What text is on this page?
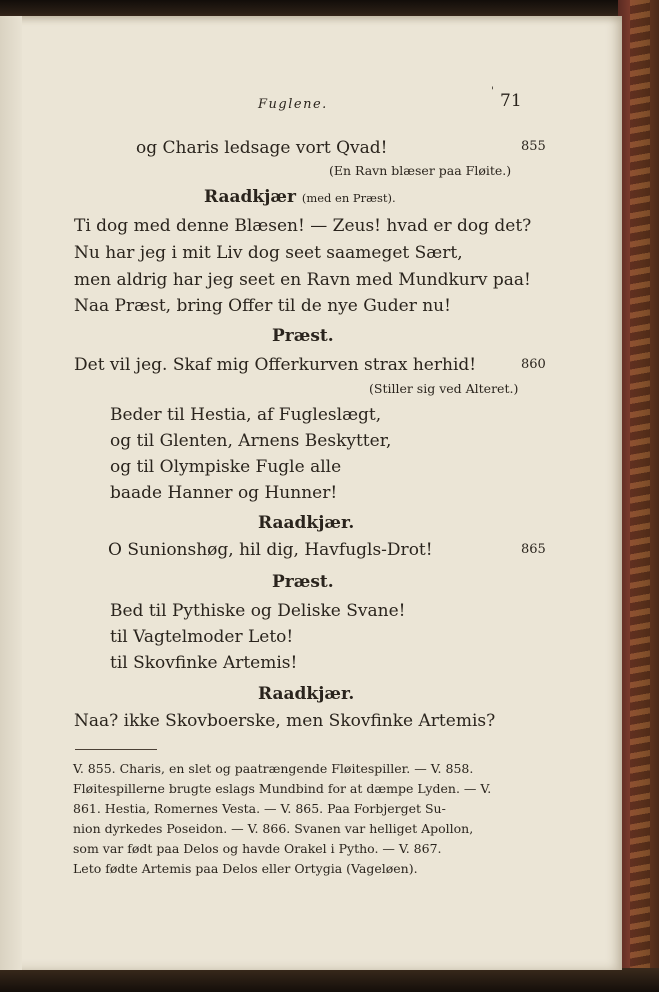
Fuglene.
' 71
og Charis ledsage vort Qvad!	855
(En Ravn blæser paa Fløite.)
Raadkjær (med en Præst).
Ti dog med denne Blæsen! — Zeus! hvad er dog det?
Nu har jeg i mit Liv dog seet saameget Sært,
men aldrig har jeg seet en Ravn med Mundkurv paa!
Naa Præst, bring Offer til de nye Guder nu!
Præst.
Det vil jeg. Skaf mig Offerkurven strax herhid!	860
(Stiller sig ved Alteret.)
Beder til Hestia, af Fugleslægt,
og til Glenten, Arnens Beskytter,
og til Olympiske Fugle alle
baade Hanner og Hunner!
Raadkjær.
O Sunionshøg, hil dig, Havfugls-Drot!	865
Præst.
Bed til Pythiske og Deliske Svane!
til Vagtelmoder Leto!
til Skovfinke Artemis!
Raadkjær.
Naa? ikke Skovboerske, men Skovfinke Artemis?
V. 855. Charis, en slet og paatrængende Fløitespiller. — V. 858.
Fløitespillerne brugte eslags Mundbind for at dæmpe Lyden. — V.
861. Hestia, Romernes Vesta. — V. 865. Paa Forbjerget Su-
nion dyrkedes Poseidon. — V. 866. Svanen var helliget Apollon,
som var født paa Delos og havde Orakel i Pytho. — V. 867.
Leto fødte Artemis paa Delos eller Ortygia (Vageløen).
